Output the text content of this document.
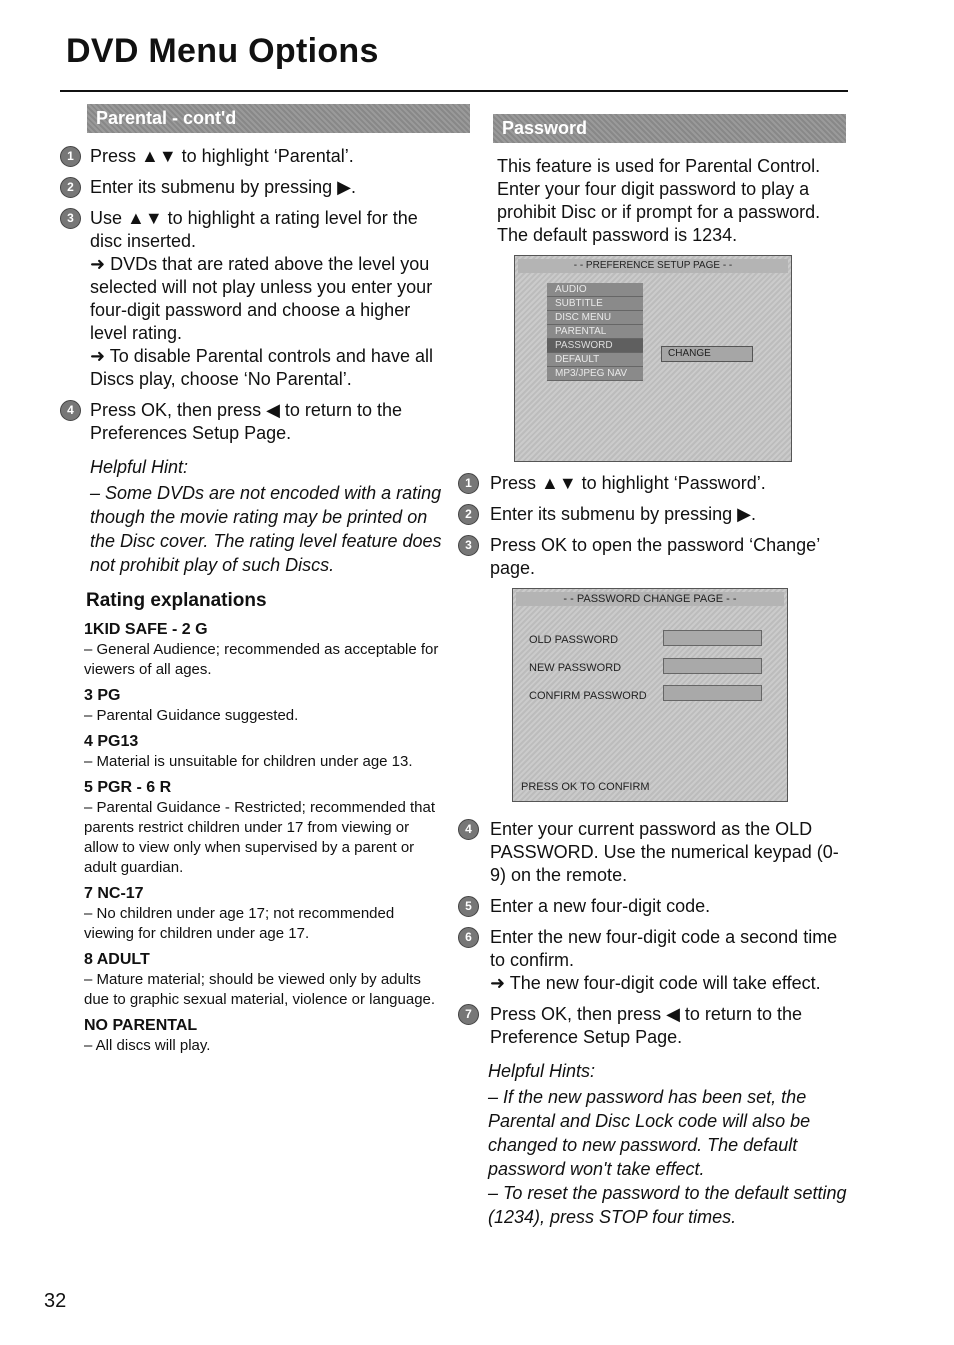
DVD Menu Options
Parental - cont'd
1 Press ▲▼ to highlight ‘Parental’.
2 Enter its submenu by pressing ▶.
3 Use ▲▼ to highlight a rating level for the disc inserted.
➜ DVDs that are rated above the level you selected will not play unless you enter your four-digit password and choose a higher level rating.
➜ To disable Parental controls and have all Discs play, choose ‘No Parental’.
4 Press OK, then press ◀ to return to the Preferences Setup Page.
Helpful Hint:
– Some DVDs are not encoded with a rating though the movie rating may be printed on the Disc cover. The rating level feature does not prohibit play of such Discs.
Rating explanations
1KID SAFE - 2 G
– General Audience; recommended as acceptable for viewers of all ages.
3 PG
– Parental Guidance suggested.
4 PG13
– Material is unsuitable for children under age 13.
5 PGR - 6 R
– Parental Guidance - Restricted; recommended that parents restrict children under 17 from viewing or allow to view only when supervised by a parent or adult guardian.
7 NC-17
– No children under age 17; not recommended viewing for children under age 17.
8 ADULT
– Mature material; should be viewed only by adults due to graphic sexual material, violence or language.
NO PARENTAL
– All discs will play.
Password
This feature is used for Parental Control. Enter your four digit password to play a prohibit Disc or if prompt for a password. The default password is 1234.
- - PREFERENCE SETUP PAGE - -
AUDIO
SUBTITLE
DISC MENU
PARENTAL
PASSWORD
DEFAULT
MP3/JPEG NAV
CHANGE
1	Press ▲▼ to highlight ‘Password’.
2	Enter its submenu by pressing ▶.
3	Press OK to open the password ‘Change’ page.
- - PASSWORD CHANGE PAGE - -
OLD PASSWORD
NEW PASSWORD
CONFIRM PASSWORD
PRESS OK TO CONFIRM
4	Enter your current password as the OLD PASSWORD. Use the numerical keypad (0-9) on the remote.
5	Enter a new four-digit code.
6	Enter the new four-digit code a second time to confirm.
➜ The new four-digit code will take effect.
7	Press OK, then press ◀ to return to the Preference Setup Page.
Helpful Hints:
– If the new password has been set, the Parental and Disc Lock code will also be changed to new password. The default password won't take effect.
– To reset the password to the default setting (1234), press STOP four times.
32
